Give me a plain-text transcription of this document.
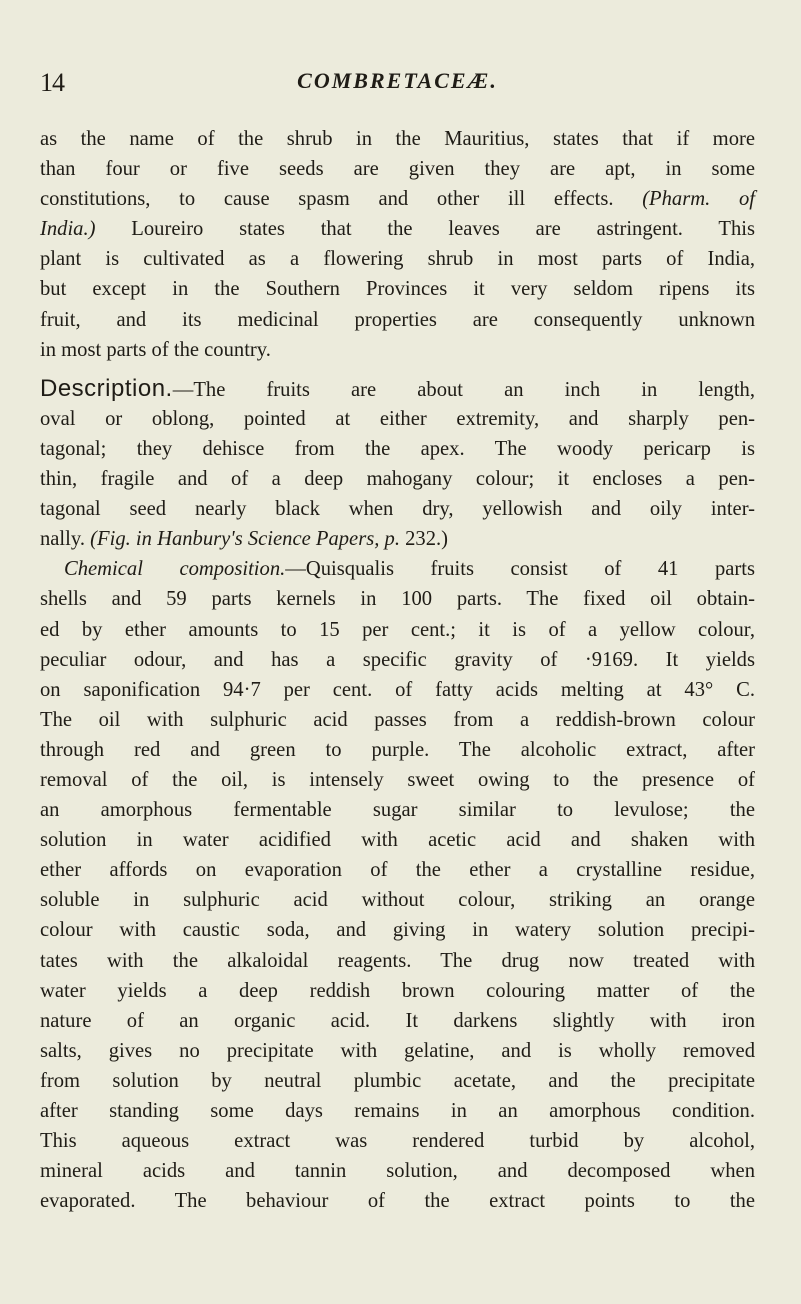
14	COMBRETACEÆ.
as the name of the shrub in the Mauritius, states that if more
than four or five seeds are given they are apt, in some
constitutions, to cause spasm and other ill effects. (Pharm. of
India.) Loureiro states that the leaves are astringent. This
plant is cultivated as a flowering shrub in most parts of India,
but except in the Southern Provinces it very seldom ripens its
fruit, and its medicinal properties are consequently unknown
in most parts of the country.
Description.—The fruits are about an inch in length,
oval or oblong, pointed at either extremity, and sharply pen-
tagonal; they dehisce from the apex. The woody pericarp is
thin, fragile and of a deep mahogany colour; it encloses a pen-
tagonal seed nearly black when dry, yellowish and oily inter-
nally. (Fig. in Hanbury's Science Papers, p. 232.)
Chemical composition.—Quisqualis fruits consist of 41 parts
shells and 59 parts kernels in 100 parts. The fixed oil obtain-
ed by ether amounts to 15 per cent.; it is of a yellow colour,
peculiar odour, and has a specific gravity of ·9169. It yields
on saponification 94·7 per cent. of fatty acids melting at 43° C.
The oil with sulphuric acid passes from a reddish-brown colour
through red and green to purple. The alcoholic extract, after
removal of the oil, is intensely sweet owing to the presence of
an amorphous fermentable sugar similar to levulose; the
solution in water acidified with acetic acid and shaken with
ether affords on evaporation of the ether a crystalline residue,
soluble in sulphuric acid without colour, striking an orange
colour with caustic soda, and giving in watery solution precipi-
tates with the alkaloidal reagents. The drug now treated with
water yields a deep reddish brown colouring matter of the
nature of an organic acid. It darkens slightly with iron
salts, gives no precipitate with gelatine, and is wholly removed
from solution by neutral plumbic acetate, and the precipitate
after standing some days remains in an amorphous condition.
This aqueous extract was rendered turbid by alcohol,
mineral acids and tannin solution, and decomposed when
evaporated. The behaviour of the extract points to the
